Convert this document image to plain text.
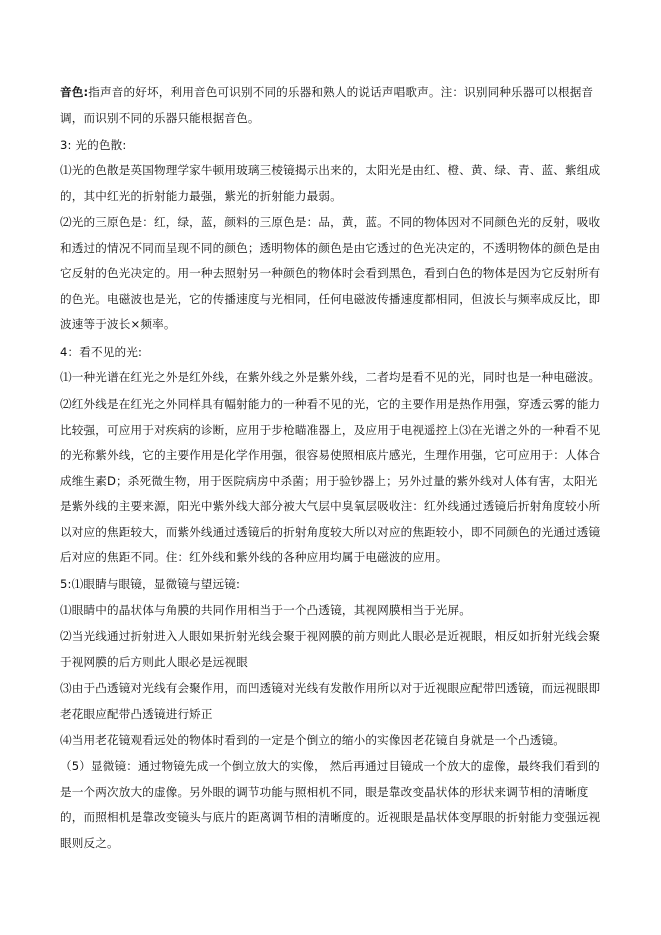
音色:指声音的好坏，利用音色可识别不同的乐器和熟人的说话声唱歌声。注：识别同种乐器可以根据音调，而识别不同的乐器只能根据音色。

3: 光的色散:

⑴光的色散是英国物理学家牛顿用玻璃三棱镜揭示出来的，太阳光是由红、橙、黄、绿、青、蓝、紫组成的，其中红光的折射能力最强，紫光的折射能力最弱。

⑵光的三原色是：红，绿，蓝，颜料的三原色是：品，黄，蓝。不同的物体因对不同颜色光的反射，吸收和透过的情况不同而呈现不同的颜色；透明物体的颜色是由它透过的色光决定的，不透明物体的颜色是由它反射的色光决定的。用一种去照射另一种颜色的物体时会看到黑色，看到白色的物体是因为它反射所有的色光。电磁波也是光，它的传播速度与光相同，任何电磁波传播速度都相同，但波长与频率成反比，即波速等于波长×频率。

4：看不见的光:

⑴一种光谱在红光之外是红外线，在紫外线之外是紫外线，二者均是看不见的光，同时也是一种电磁波。

⑵红外线是在红光之外同样具有幅射能力的一种看不见的光，它的主要作用是热作用强，穿透云雾的能力比较强，可应用于对疾病的诊断，应用于步枪瞄准器上，及应用于电视遥控上⑶在光谱之外的一种看不见的光称紫外线，它的主要作用是化学作用强，很容易使照相底片感光，生理作用强，它可应用于：人体合成维生素D；杀死微生物，用于医院病房中杀菌；用于验钞器上；另外过量的紫外线对人体有害，太阳光是紫外线的主要来源，阳光中紫外线大部分被大气层中臭氧层吸收注：红外线通过透镜后折射角度较小所以对应的焦距较大，而紫外线通过透镜后的折射角度较大所以对应的焦距较小，即不同颜色的光通过透镜后对应的焦距不同。住：红外线和紫外线的各种应用均属于电磁波的应用。

5:⑴眼睛与眼镜，显微镜与望远镜:

⑴眼睛中的晶状体与角膜的共同作用相当于一个凸透镜，其视网膜相当于光屏。

⑵当光线通过折射进入人眼如果折射光线会聚于视网膜的前方则此人眼必是近视眼，相反如折射光线会聚于视网膜的后方则此人眼必是远视眼

⑶由于凸透镜对光线有会聚作用，而凹透镜对光线有发散作用所以对于近视眼应配带凹透镜，而远视眼即老花眼应配带凸透镜进行矫正

⑷当用老花镜观看远处的物体时看到的一定是个倒立的缩小的实像因老花镜自身就是一个凸透镜。

（5）显微镜：通过物镜先成一个倒立放大的实像， 然后再通过目镜成一个放大的虚像，最终我们看到的是一个两次放大的虚像。另外眼的调节功能与照相机不同，眼是靠改变晶状体的形状来调节相的清晰度的，而照相机是靠改变镜头与底片的距离调节相的清晰度的。近视眼是晶状体变厚眼的折射能力变强远视眼则反之。
